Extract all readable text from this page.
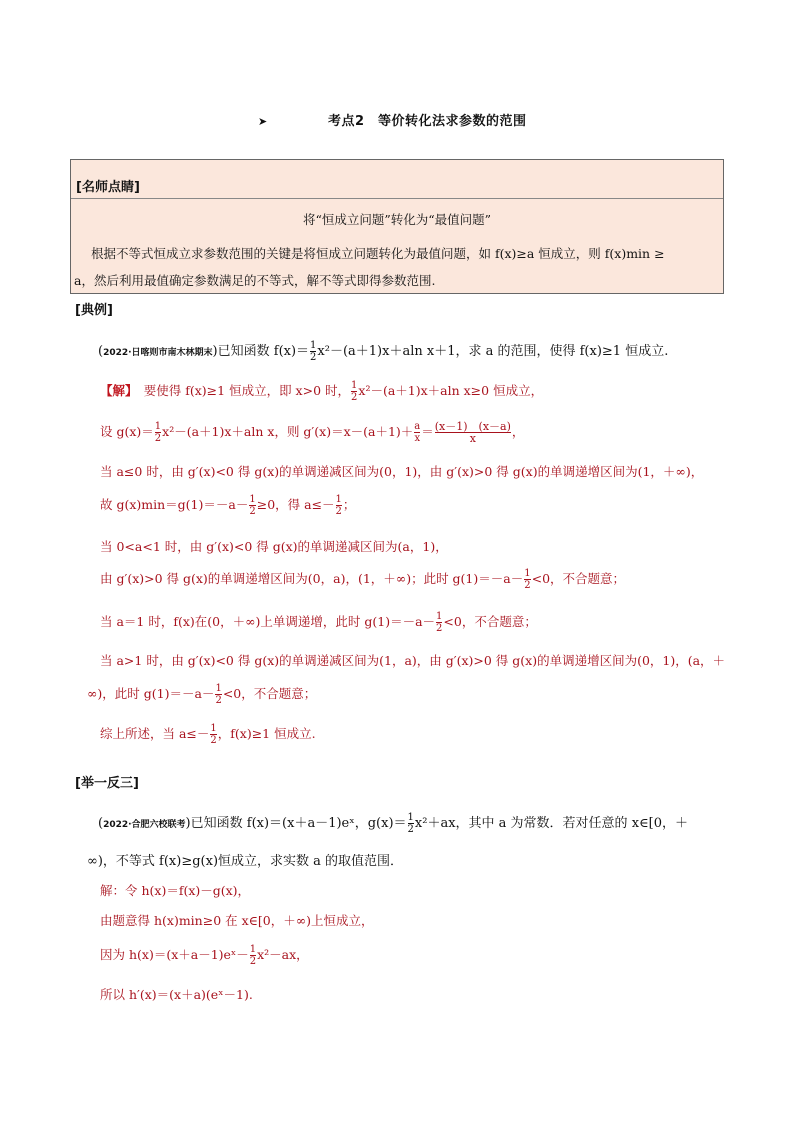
➤	考点2　等价转化法求参数的范围
[名师点睛]
将“恒成立问题”转化为“最值问题”
根据不等式恒成立求参数范围的关键是将恒成立问题转化为最值问题，如 f(x)≥a 恒成立，则 f(x)min ≥
a，然后利用最值确定参数满足的不等式，解不等式即得参数范围.
[典例]
(2022·日喀则市南木林期末)已知函数 $f(x)= \frac{1}{2} x^2-(a+1)x+aln$ x＋1，求 a 的范围，使得 f(x)≥1 恒成立.
【解】　 要使得 f(x)≥1 恒成立，即 x>0 时， $\frac{1}{2} x^2-(a+1)x+aln$ x≥0 恒成立，
设 $g(x)= \frac{1}{2} x^2-(a+1)x+aln$ x，则 $g'(x)=x-(a+1)+ \frac{a}{x} = \frac{(x-1) (x-a)}{x}$ ，
当 a≤0 时，由 g′(x)<0 得 g(x)的单调递减区间为(0，1)，由 g′(x)>0 得 g(x)的单调递增区间为(1，＋∞)，
故 $g(x)\min=g(1)=-a- \frac{1}{2} \ge 0$，得 $a\le- \frac{1}{2}$ ；
当 0<a<1 时，由 g′(x)<0 得 g(x)的单调递减区间为(a，1)，
由 g′(x)>0 得 g(x)的单调递增区间为(0，a)，(1，＋∞)；此时 $g(1)=-a- \frac{1}{2} <0$，不合题意；
当 a＝1 时，f(x)在(0，＋∞)上单调递增，此时 $g(1)=-a- \frac{1}{2} <0$，不合题意；
当 a>1 时，由 g′(x)<0 得 g(x)的单调递减区间为(1，a)，由 g′(x)>0 得 g(x)的单调递增区间为(0，1)，(a，＋
∞)，此时 $g(1)=-a- \frac{1}{2} <0$，不合题意；
综上所述，当 $a\le- \frac{1}{2}$ ，f(x)≥1 恒成立.
[举一反三]
(2022·合肥六校联考)已知函数 f(x)＝(x＋a－1)eˣ，$g(x)= \frac{1}{2} x^2+ax$，其中 a 为常数．若对任意的 x∈[0，＋
∞)，不等式 f(x)≥g(x)恒成立，求实数 a 的取值范围．
解：令 h(x)＝f(x)－g(x)，
由题意得 h(x)min≥0 在 x∈[0，＋∞)上恒成立，
因为 h(x)＝(x＋a－1)eˣ－ $\frac{1}{2} x^2-ax$，
所以 h′(x)＝(x＋a)(eˣ－1).
